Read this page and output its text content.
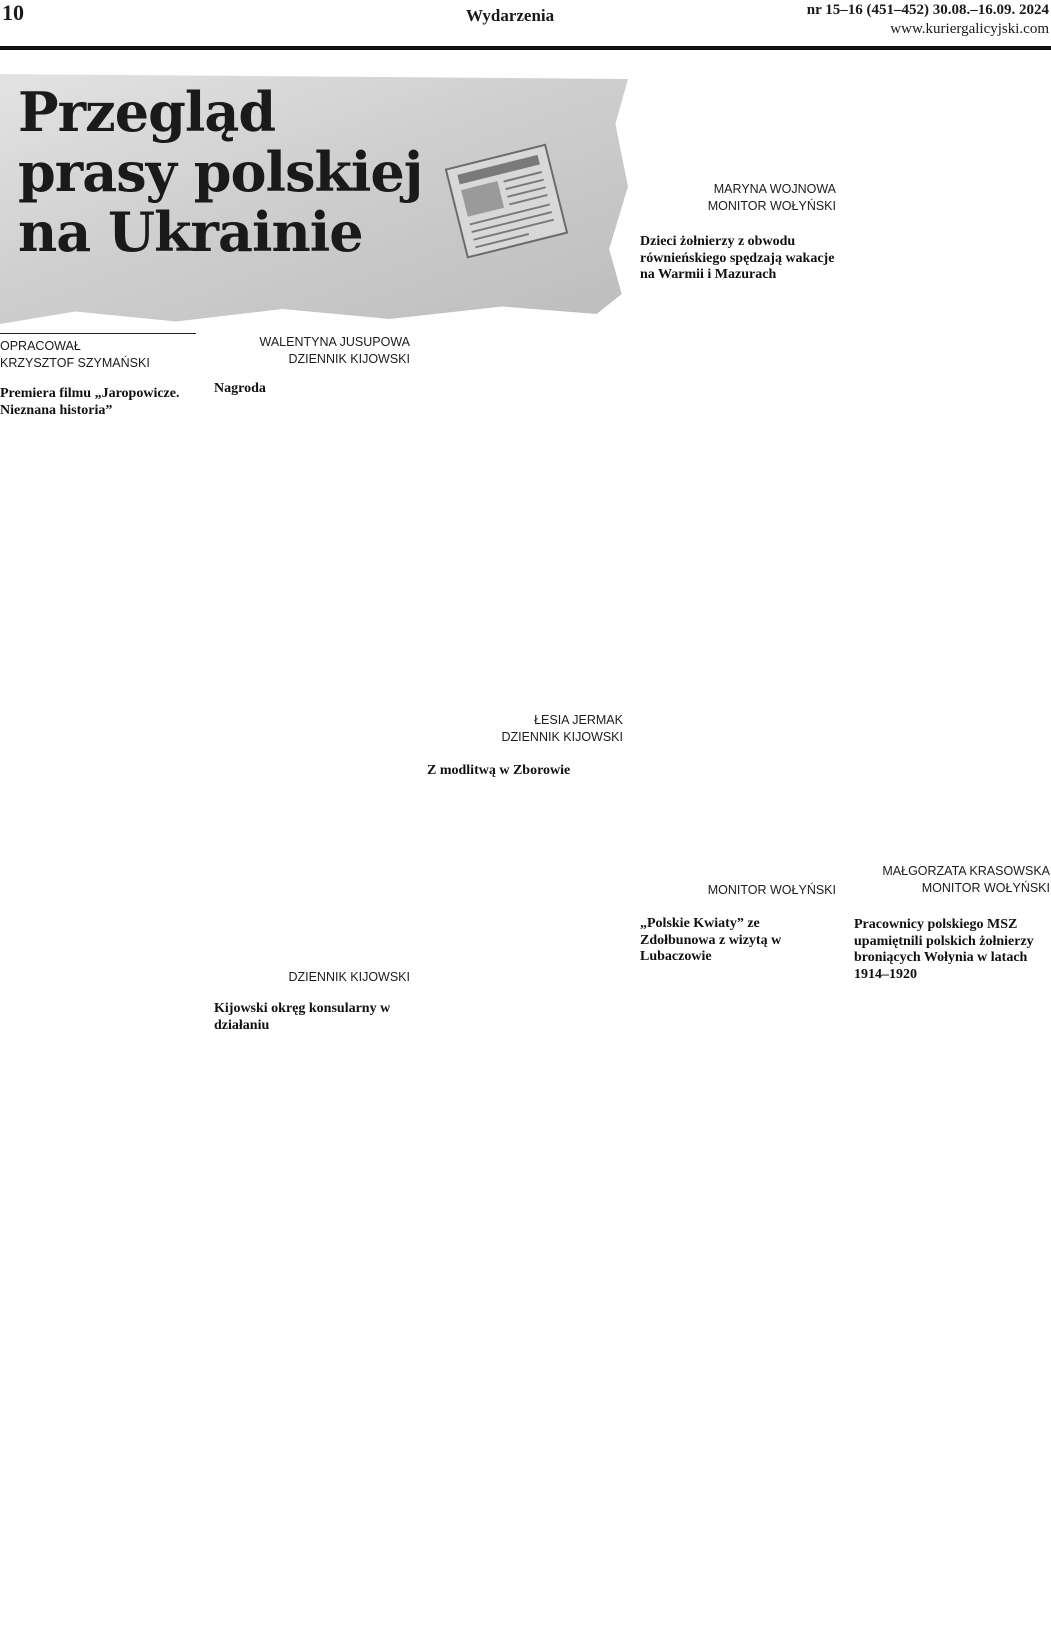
10	Wydarzenia	nr 15–16 (451–452) 30.08.–16.09. 2024
www.kuriergalicyjski.com
Przegląd prasy polskiej na Ukrainie
OPRACOWAŁ
KRZYSZTOF SZYMAŃSKI
Premiera filmu „Jaropowicze. Nieznana historia”
WALENTYNA JUSUPOWA
DZIENNIK KIJOWSKI
Nagroda
DZIENNIK KIJOWSKI
Kijowski okręg konsularny w działaniu
ŁESIA JERMAK
DZIENNIK KIJOWSKI
Z modlitwą w Zborowie
MARYNA WOJNOWA
MONITOR WOŁYŃSKI
Dzieci żołnierzy z obwodu równieńskiego spędzają wakacje na Warmii i Mazurach
MONITOR WOŁYŃSKI
„Polskie Kwiaty” ze Zdołbunowa z wizytą w Lubaczowie
MAŁGORZATA KRASOWSKA
MONITOR WOŁYŃSKI
Pracownicy polskiego MSZ upamiętnili polskich żołnierzy broniących Wołynia w latach 1914–1920
